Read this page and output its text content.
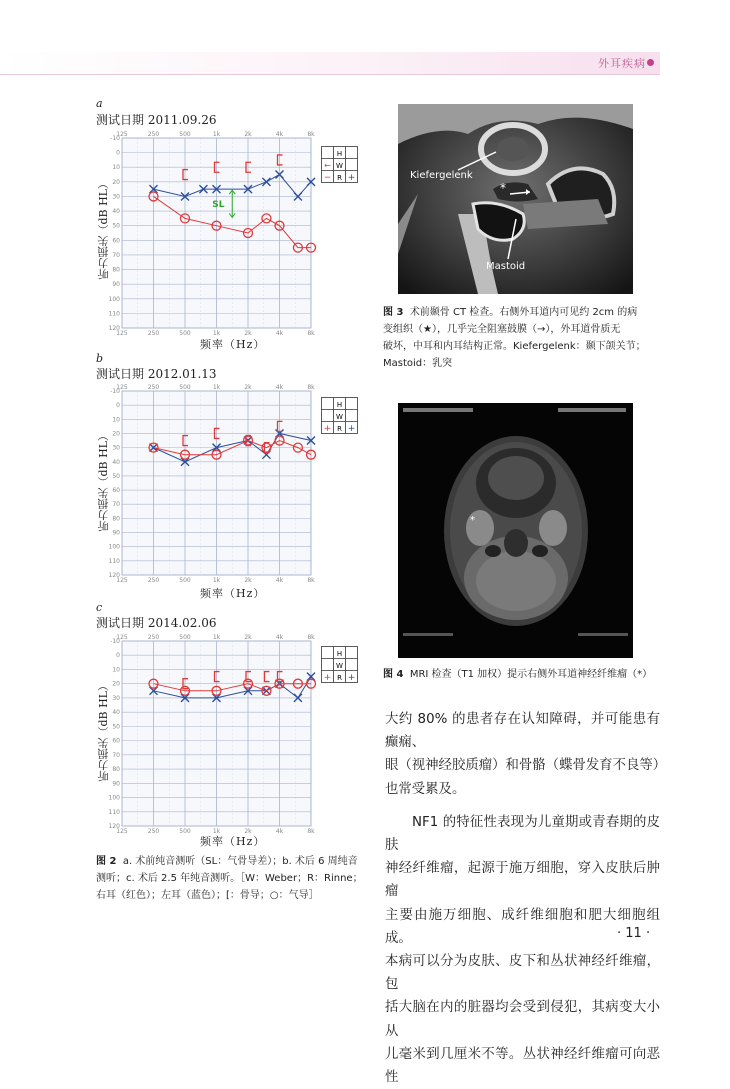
外耳疾病
a
测试日期 2011.09.26
听力损失（dB HL）
-10
0
10
20
30
40
50
60
70
80
90
100
110
120
125
125
250
250
500
500
1k
1k
2k
2k
4k
4k
8k
8k
SL
频率（Hz）
b
测试日期 2012.01.13
听力损失（dB HL）
-10
0
10
20
30
40
50
60
70
80
90
100
110
120
125
125
250
250
500
500
1k
1k
2k
2k
4k
4k
8k
8k
频率（Hz）
c
测试日期 2014.02.06
听力损失（dB HL）
-10
0
10
20
30
40
50
60
70
80
90
100
110
120
125
125
250
250
500
500
1k
1k
2k
2k
4k
4k
8k
8k
频率（Hz）
H
W
R
←
− +
H
W
R
+ +
H
W
R
+ +
图 2 a. 术前纯音测听（SL：气骨导差）；b. 术后 6 周纯音
测听；c. 术后 2.5 年纯音测听。［W：Weber；R：Rinne；
右耳（红色）；左耳（蓝色）；[：骨导；○：气导］
Kiefergelenk
*
Mastoid
图 3 术前颞骨 CT 检查。右侧外耳道内可见约 2cm 的病
变组织（★），几乎完全阻塞鼓膜（→），外耳道骨质无
破坏，中耳和内耳结构正常。Kiefergelenk：颞下颌关节；
Mastoid：乳突
*
图 4 MRI 检查（T1 加权）提示右侧外耳道神经纤维瘤（*）

大约 80% 的患者存在认知障碍，并可能患有癫痫、

眼（视神经胶质瘤）和骨骼（蝶骨发育不良等）

也常受累及。

NF1 的特征性表现为儿童期或青春期的皮肤

神经纤维瘤，起源于施万细胞，穿入皮肤后肿瘤

主要由施万细胞、成纤维细胞和肥大细胞组成。

本病可以分为皮肤、皮下和丛状神经纤维瘤，包

括大脑在内的脏器均会受到侵犯，其病变大小从

儿毫米到几厘米不等。丛状神经纤维瘤可向恶性

· 11 ·
